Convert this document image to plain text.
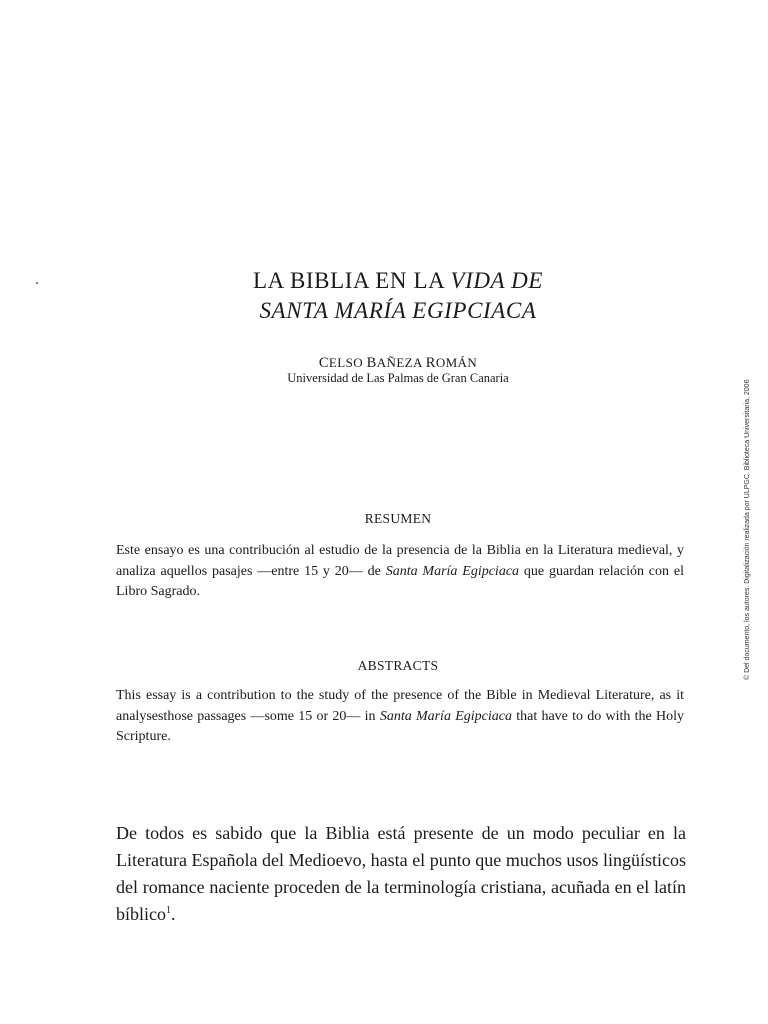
LA BIBLIA EN LA VIDA DE
SANTA MARÍA EGIPCIACA
CELSO BAÑEZA ROMÁN
Universidad de Las Palmas de Gran Canaria
RESUMEN

Este ensayo es una contribución al estudio de la presencia de la Biblia en la Literatura medieval, y analiza aquellos pasajes —entre 15 y 20— de Santa María Egipciaca que guardan relación con el Libro Sagrado.

ABSTRACTS

This essay is a contribution to the study of the presence of the Bible in Medieval Literature, as it analysesthose passages —some 15 or 20— in Santa María Egipciaca that have to do with the Holy Scripture.

De todos es sabido que la Biblia está presente de un modo peculiar en la Literatura Española del Medioevo, hasta el punto que muchos usos lingüísticos del romance naciente proceden de la terminología cristiana, acuñada en el latín bíblico$^1$.

© Del documento, los autores. Digitalización realizada por ULPGC. Biblioteca Universitaria, 2006
